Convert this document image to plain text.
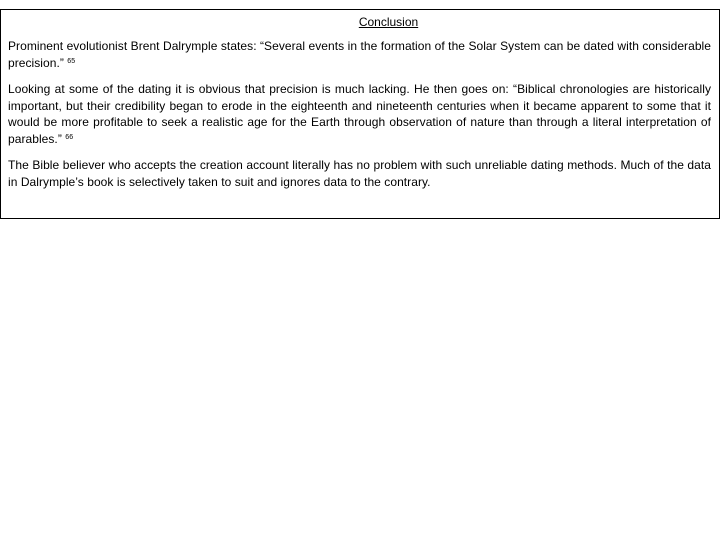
Conclusion

Prominent evolutionist Brent Dalrymple states: “Several events in the formation of the Solar System can be dated with considerable precision.” $^{65}$

Looking at some of the dating it is obvious that precision is much lacking. He then goes on: “Biblical chronologies are historically important, but their credibility began to erode in the eighteenth and nineteenth centuries when it became apparent to some that it would be more profitable to seek a realistic age for the Earth through observation of nature than through a literal interpretation of parables.” $^{66}$

The Bible believer who accepts the creation account literally has no problem with such unreliable dating methods. Much of the data in Dalrymple’s book is selectively taken to suit and ignores data to the contrary.
